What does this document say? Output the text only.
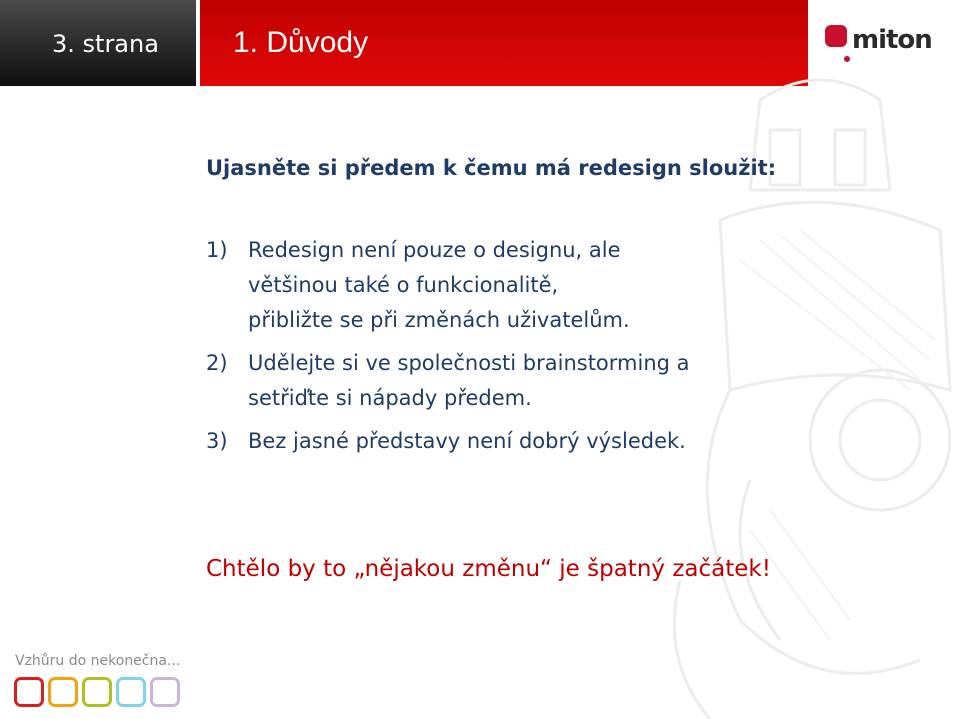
3. strana 1. Důvody	miton
Ujasněte si předem k čemu má redesign sloužit:
1) Redesign není pouze o designu, ale
většinou také o funkcionalitě,
přibližte se při změnách uživatelům.
2) Udělejte si ve společnosti brainstorming a
setřiďte si nápady předem.
3) Bez jasné představy není dobrý výsledek.
Chtělo by to „nějakou změnu“ je špatný začátek!
Vzhůru do nekonečna...
